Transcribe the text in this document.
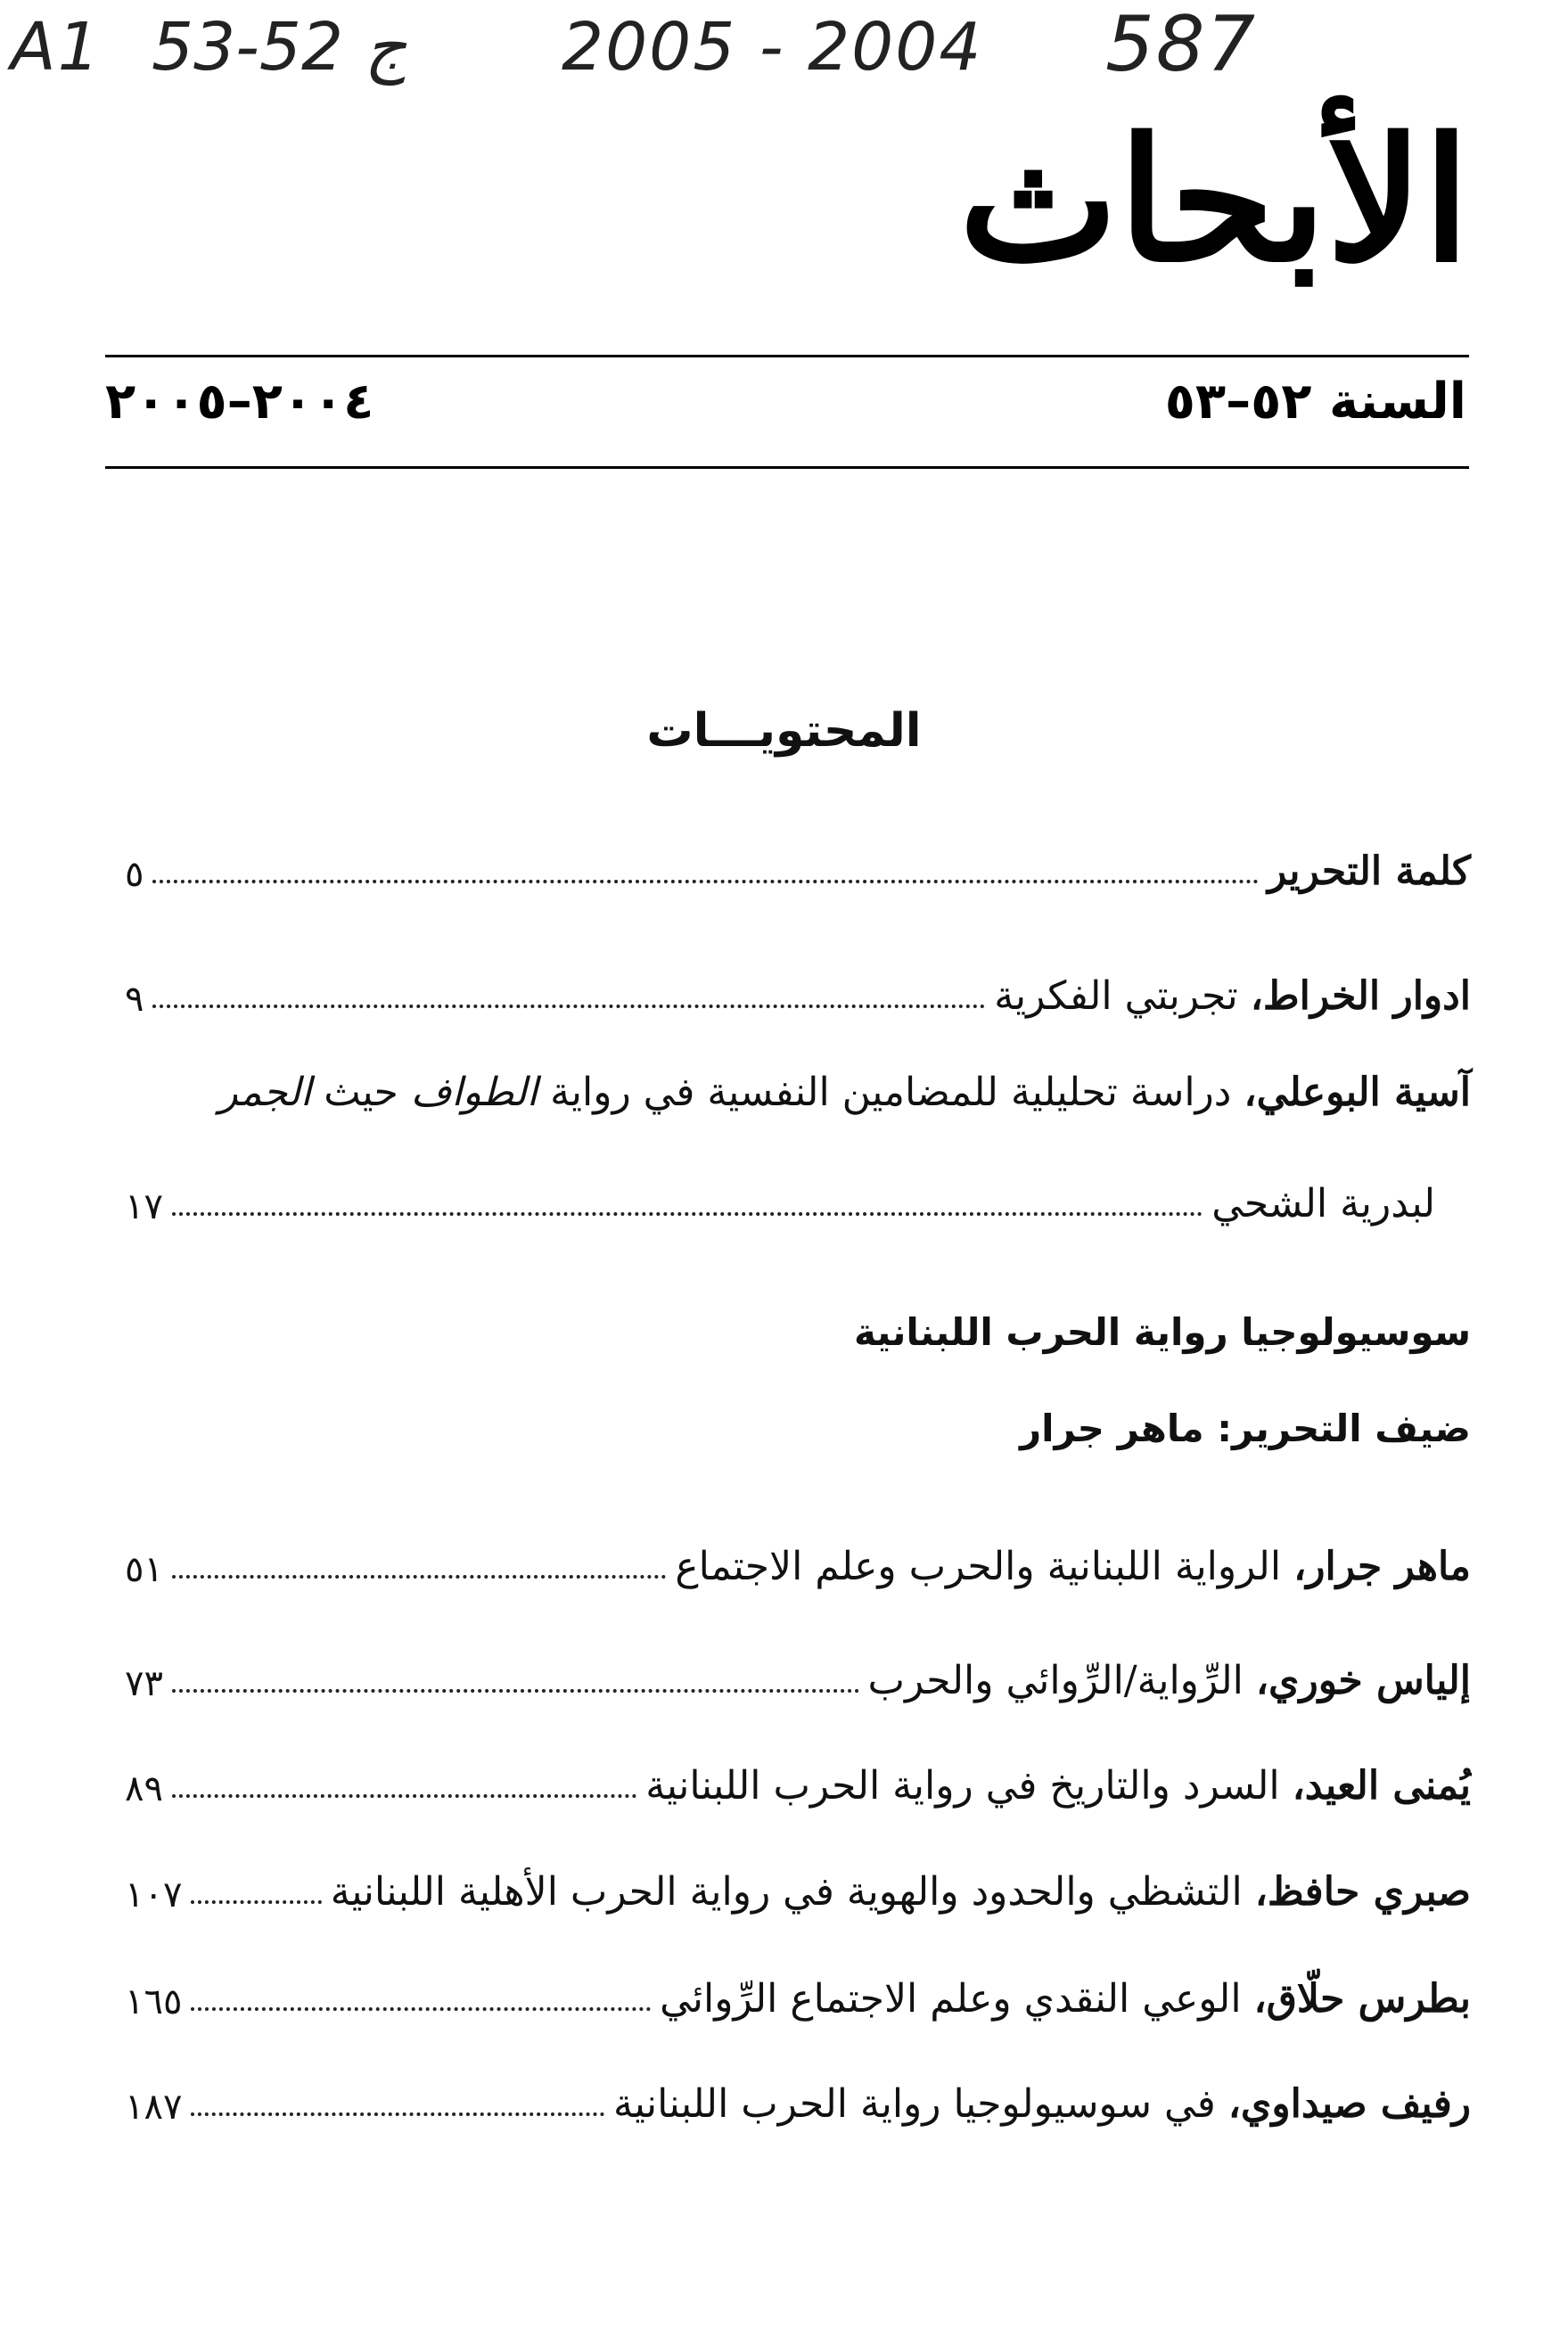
A1 53-52 ج 2005 - 2004 587
الأبحاث
السنة ٥٢–٥٣
٢٠٠٤–٢٠٠٥
المحتويـــات
كلمة التحرير
٥
ادوار الخراط، تجربتي الفكرية
٩
آسية البوعلي، دراسة تحليلية للمضامين النفسية في رواية الطواف حيث الجمر
لبدرية الشحي
١٧
سوسيولوجيا رواية الحرب اللبنانية
ضيف التحرير: ماهر جرار
ماهر جرار، الرواية اللبنانية والحرب وعلم الاجتماع
٥١
إلياس خوري، الرِّواية/الرِّوائي والحرب
٧٣
يُمنى العيد، السرد والتاريخ في رواية الحرب اللبنانية
٨٩
صبري حافظ، التشظي والحدود والهوية في رواية الحرب الأهلية اللبنانية
١٠٧
بطرس حلّاق، الوعي النقدي وعلم الاجتماع الرِّوائي
١٦٥
رفيف صيداوي، في سوسيولوجيا رواية الحرب اللبنانية
١٨٧
